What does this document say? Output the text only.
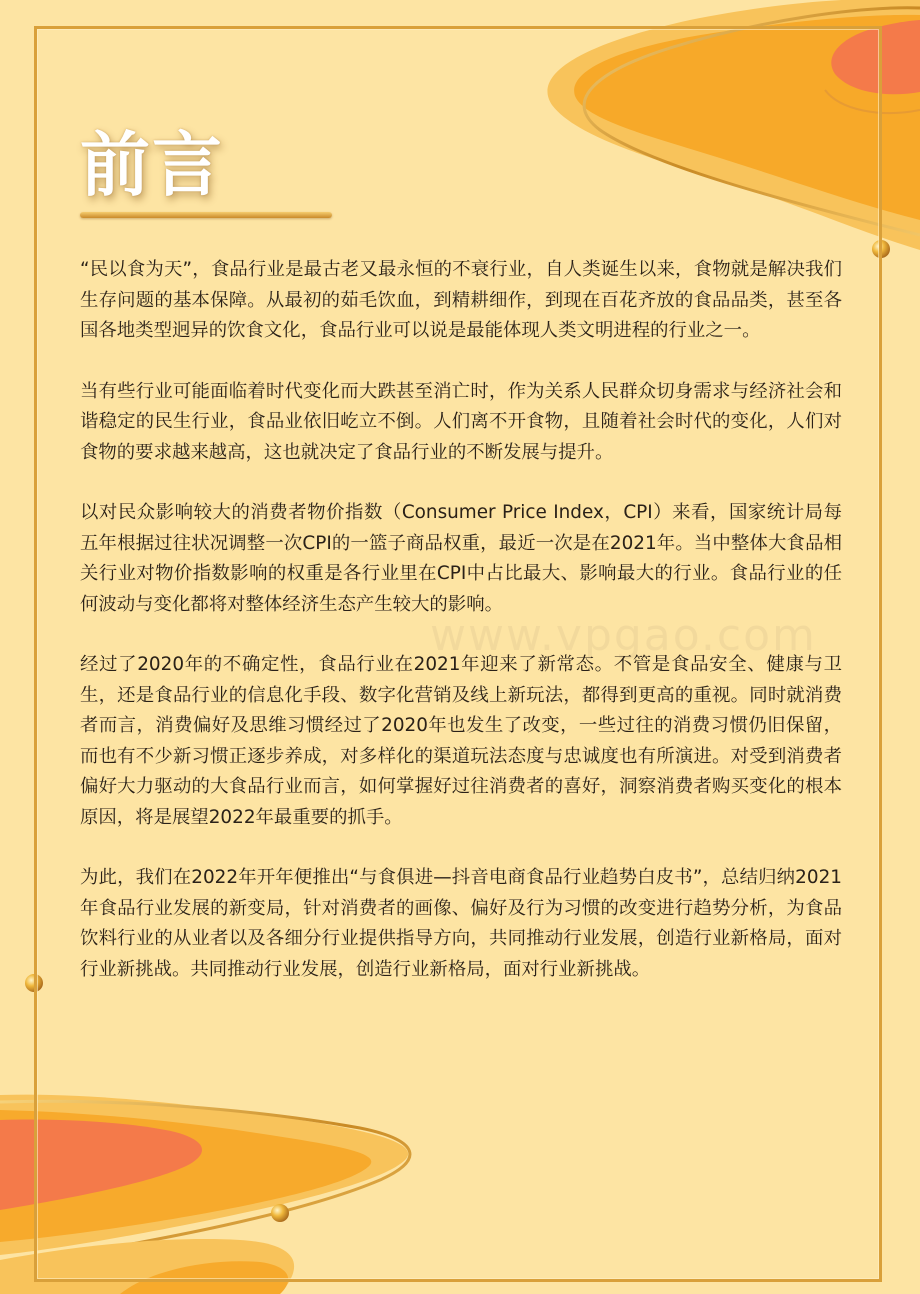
前言
www.vpgao.com

“民以食为天”，食品行业是最古老又最永恒的不衰行业，自人类诞生以来，食物就是解决我们生存问题的基本保障。从最初的茹毛饮血，到精耕细作，到现在百花齐放的食品品类，甚至各国各地类型迥异的饮食文化，食品行业可以说是最能体现人类文明进程的行业之一。

当有些行业可能面临着时代变化而大跌甚至消亡时，作为关系人民群众切身需求与经济社会和谐稳定的民生行业，食品业依旧屹立不倒。人们离不开食物，且随着社会时代的变化，人们对食物的要求越来越高，这也就决定了食品行业的不断发展与提升。

以对民众影响较大的消费者物价指数（Consumer Price Index，CPI）来看，国家统计局每五年根据过往状况调整一次CPI的一篮子商品权重，最近一次是在2021年。当中整体大食品相关行业对物价指数影响的权重是各行业里在CPI中占比最大、影响最大的行业。食品行业的任何波动与变化都将对整体经济生态产生较大的影响。

经过了2020年的不确定性，食品行业在2021年迎来了新常态。不管是食品安全、健康与卫生，还是食品行业的信息化手段、数字化营销及线上新玩法，都得到更高的重视。同时就消费者而言，消费偏好及思维习惯经过了2020年也发生了改变，一些过往的消费习惯仍旧保留，而也有不少新习惯正逐步养成，对多样化的渠道玩法态度与忠诚度也有所演进。对受到消费者偏好大力驱动的大食品行业而言，如何掌握好过往消费者的喜好，洞察消费者购买变化的根本原因，将是展望2022年最重要的抓手。

为此，我们在2022年开年便推出“与食俱进—抖音电商食品行业趋势白皮书”，总结归纳2021年食品行业发展的新变局，针对消费者的画像、偏好及行为习惯的改变进行趋势分析，为食品饮料行业的从业者以及各细分行业提供指导方向，共同推动行业发展，创造行业新格局，面对行业新挑战。共同推动行业发展，创造行业新格局，面对行业新挑战。
